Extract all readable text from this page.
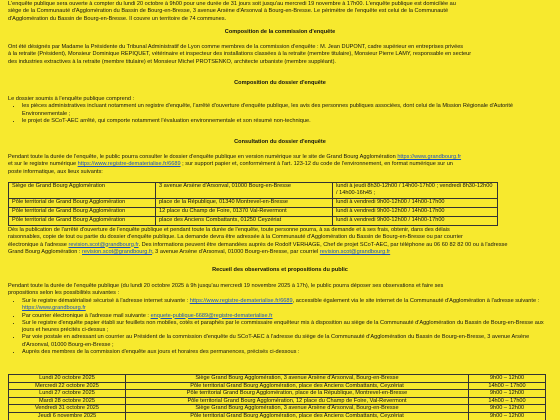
L'enquête publique sera ouverte à compter du lundi 20 octobre à 9h00 pour une durée de 31 jours soit jusqu'au mercredi 19 novembre à 17h00. L'enquête publique est domiciliée au

siège de la Communauté d'Agglomération du Bassin de Bourg-en-Bresse, 3 avenue Arsène d'Arsonval à Bourg-en-Bresse. Le périmètre de l'enquête est celui de la Communauté

d'Agglomération du Bassin de Bourg-en-Bresse. Il couvre un territoire de 74 communes.

Composition de la commission d'enquête

Ont été désignés par Madame la Présidente du Tribunal Administratif de Lyon comme membres de la commission d'enquête : M. Jean DUPONT, cadre supérieur en entreprises privées

à la retraite (Président), Monsieur Dominique REPIQUET, vétérinaire et inspecteur des installations classées à la retraite (membre titulaire), Monsieur Pierre LAMY, responsable en secteur

des industries extractives à la retraite (membre titulaire) et Monsieur Michel PROTSENKO, architecte urbaniste (membre suppléant).

Composition du dossier d'enquête

Le dossier soumis à l'enquête publique comprend :

• les pièces administratives incluant notamment un registre d'enquête, l'arrêté d'ouverture d'enquête publique, les avis des personnes publiques associées, dont celui de la Mission Régionale d'Autorité Environnementale ;
• le projet de SCoT-AEC arrêté, qui comporte notamment l'évaluation environnementale et son résumé non-technique.

Consultation du dossier d'enquête

Pendant toute la durée de l'enquête, le public pourra consulter le dossier d'enquête publique en version numérique sur le site de Grand Bourg Agglomération https://www.grandbourg.fr

et sur le registre numérique https://www.registre-dematerialise.fr/6689 ; sur support papier et, conformément à l'art. 123-12 du code de l'environnement, en format numérique sur un

poste informatique, aux lieux suivants:

Siège de Grand Bourg Agglomération	3 avenue Arsène d'Arsonval, 01000 Bourg-en-Bresse	lundi à jeudi 8h30-12h00 / 14h00-17h00 ; vendredi 8h30-12h00 / 14h00-16h45 ;
Pôle territorial de Grand Bourg Agglomération	place de la République, 01340 Montrevel-en-Bresse	lundi à vendredi 9h00-12h00 / 14h00-17h00
Pôle territorial de Grand Bourg Agglomération	12 place du Champ de Foire, 01370 Val-Revermont	lundi à vendredi 9h00-12h00 / 14h00-17h00
Pôle territorial de Grand Bourg Agglomération	place des Anciens Combattants, 01250 Ceyzériat	lundi à vendredi 9h00-12h00 / 14h00-17h00

Dès la publication de l'arrêté d'ouverture de l'enquête publique et pendant toute la durée de l'enquête, toute personne pourra, à sa demande et à ses frais, obtenir, dans des délais

raisonnables, copie de tout ou partie du dossier d'enquête publique. La demande devra être adressée à la Communauté d'Agglomération du Bassin de Bourg-en-Bresse ou par courrier

électronique à l'adresse revision.scot@grandbourg.fr. Des informations peuvent être demandées auprès de Rodolf VERHAGE, Chef de projet SCoT-AEC, par téléphone au 06 60 82 82 00 ou à l'adresse

Grand Bourg Agglomération : revision.scot@grandbourg.fr, 3 avenue Arsène d'Arsonval, 01000 Bourg-en-Bresse, par courriel revision.scot@grandbourg.fr

Recueil des observations et propositions du public

Pendant toute la durée de l'enquête publique (du lundi 20 octobre 2025 à 9h jusqu'au mercredi 19 novembre 2025 à 17h), le public pourra déposer ses observations et faire ses

propositions selon les possibilités suivantes :

• Sur le registre dématérialisé sécurisé à l'adresse internet suivante : https://www.registre-dematerialise.fr/6689, accessible également via le site internet de la Communauté d'Agglomération à l'adresse suivante : https://www.grandbourg.fr
• Par courrier électronique à l'adresse mail suivante : enquete-publique-6689@registre-dematerialise.fr
• Sur le registre d'enquête papier établi sur feuillets non mobiles, cotés et paraphés par le commissaire enquêteur mis à disposition au siège de la Communauté d'Agglomération du Bassin de Bourg-en-Bresse aux jours et heures précités ci-dessus ;
• Par voie postale en adressant un courrier au Président de la commission d'enquête du SCoT-AEC à l'adresse du siège de la Communauté d'Agglomération du Bassin de Bourg-en-Bresse, 3 avenue Arsène d'Arsonval, 01000 Bourg-en-Bresse ;
• Auprès des membres de la commission d'enquête aux jours et horaires des permanences, précisés ci-dessous :
Lundi 20 octobre 2025	Siège Grand Bourg Agglomération, 3 avenue Arsène d'Arsonval, Bourg-en-Bresse	9h00 – 12h00
Mercredi 22 octobre 2025	Pôle territorial Grand Bourg Agglomération, place des Anciens Combattants, Ceyzériat	14h00 – 17h00
Lundi 27 octobre 2025	Pôle territorial Grand Bourg Agglomération, place de la République, Montrevel-en-Bresse	9h00 – 12h00
Mardi 28 octobre 2025	Pôle territorial Grand Bourg Agglomération, 12 place du Champ de Foire, Val-Revermont	14h00 – 17h00
Vendredi 31 octobre 2025	Siège Grand Bourg Agglomération, 3 avenue Arsène d'Arsonval, Bourg-en-Bresse	9h00 – 12h00
Jeudi 6 novembre 2025	Pôle territorial Grand Bourg Agglomération, place des Anciens Combattants, Ceyzériat	9h00 – 12h00
